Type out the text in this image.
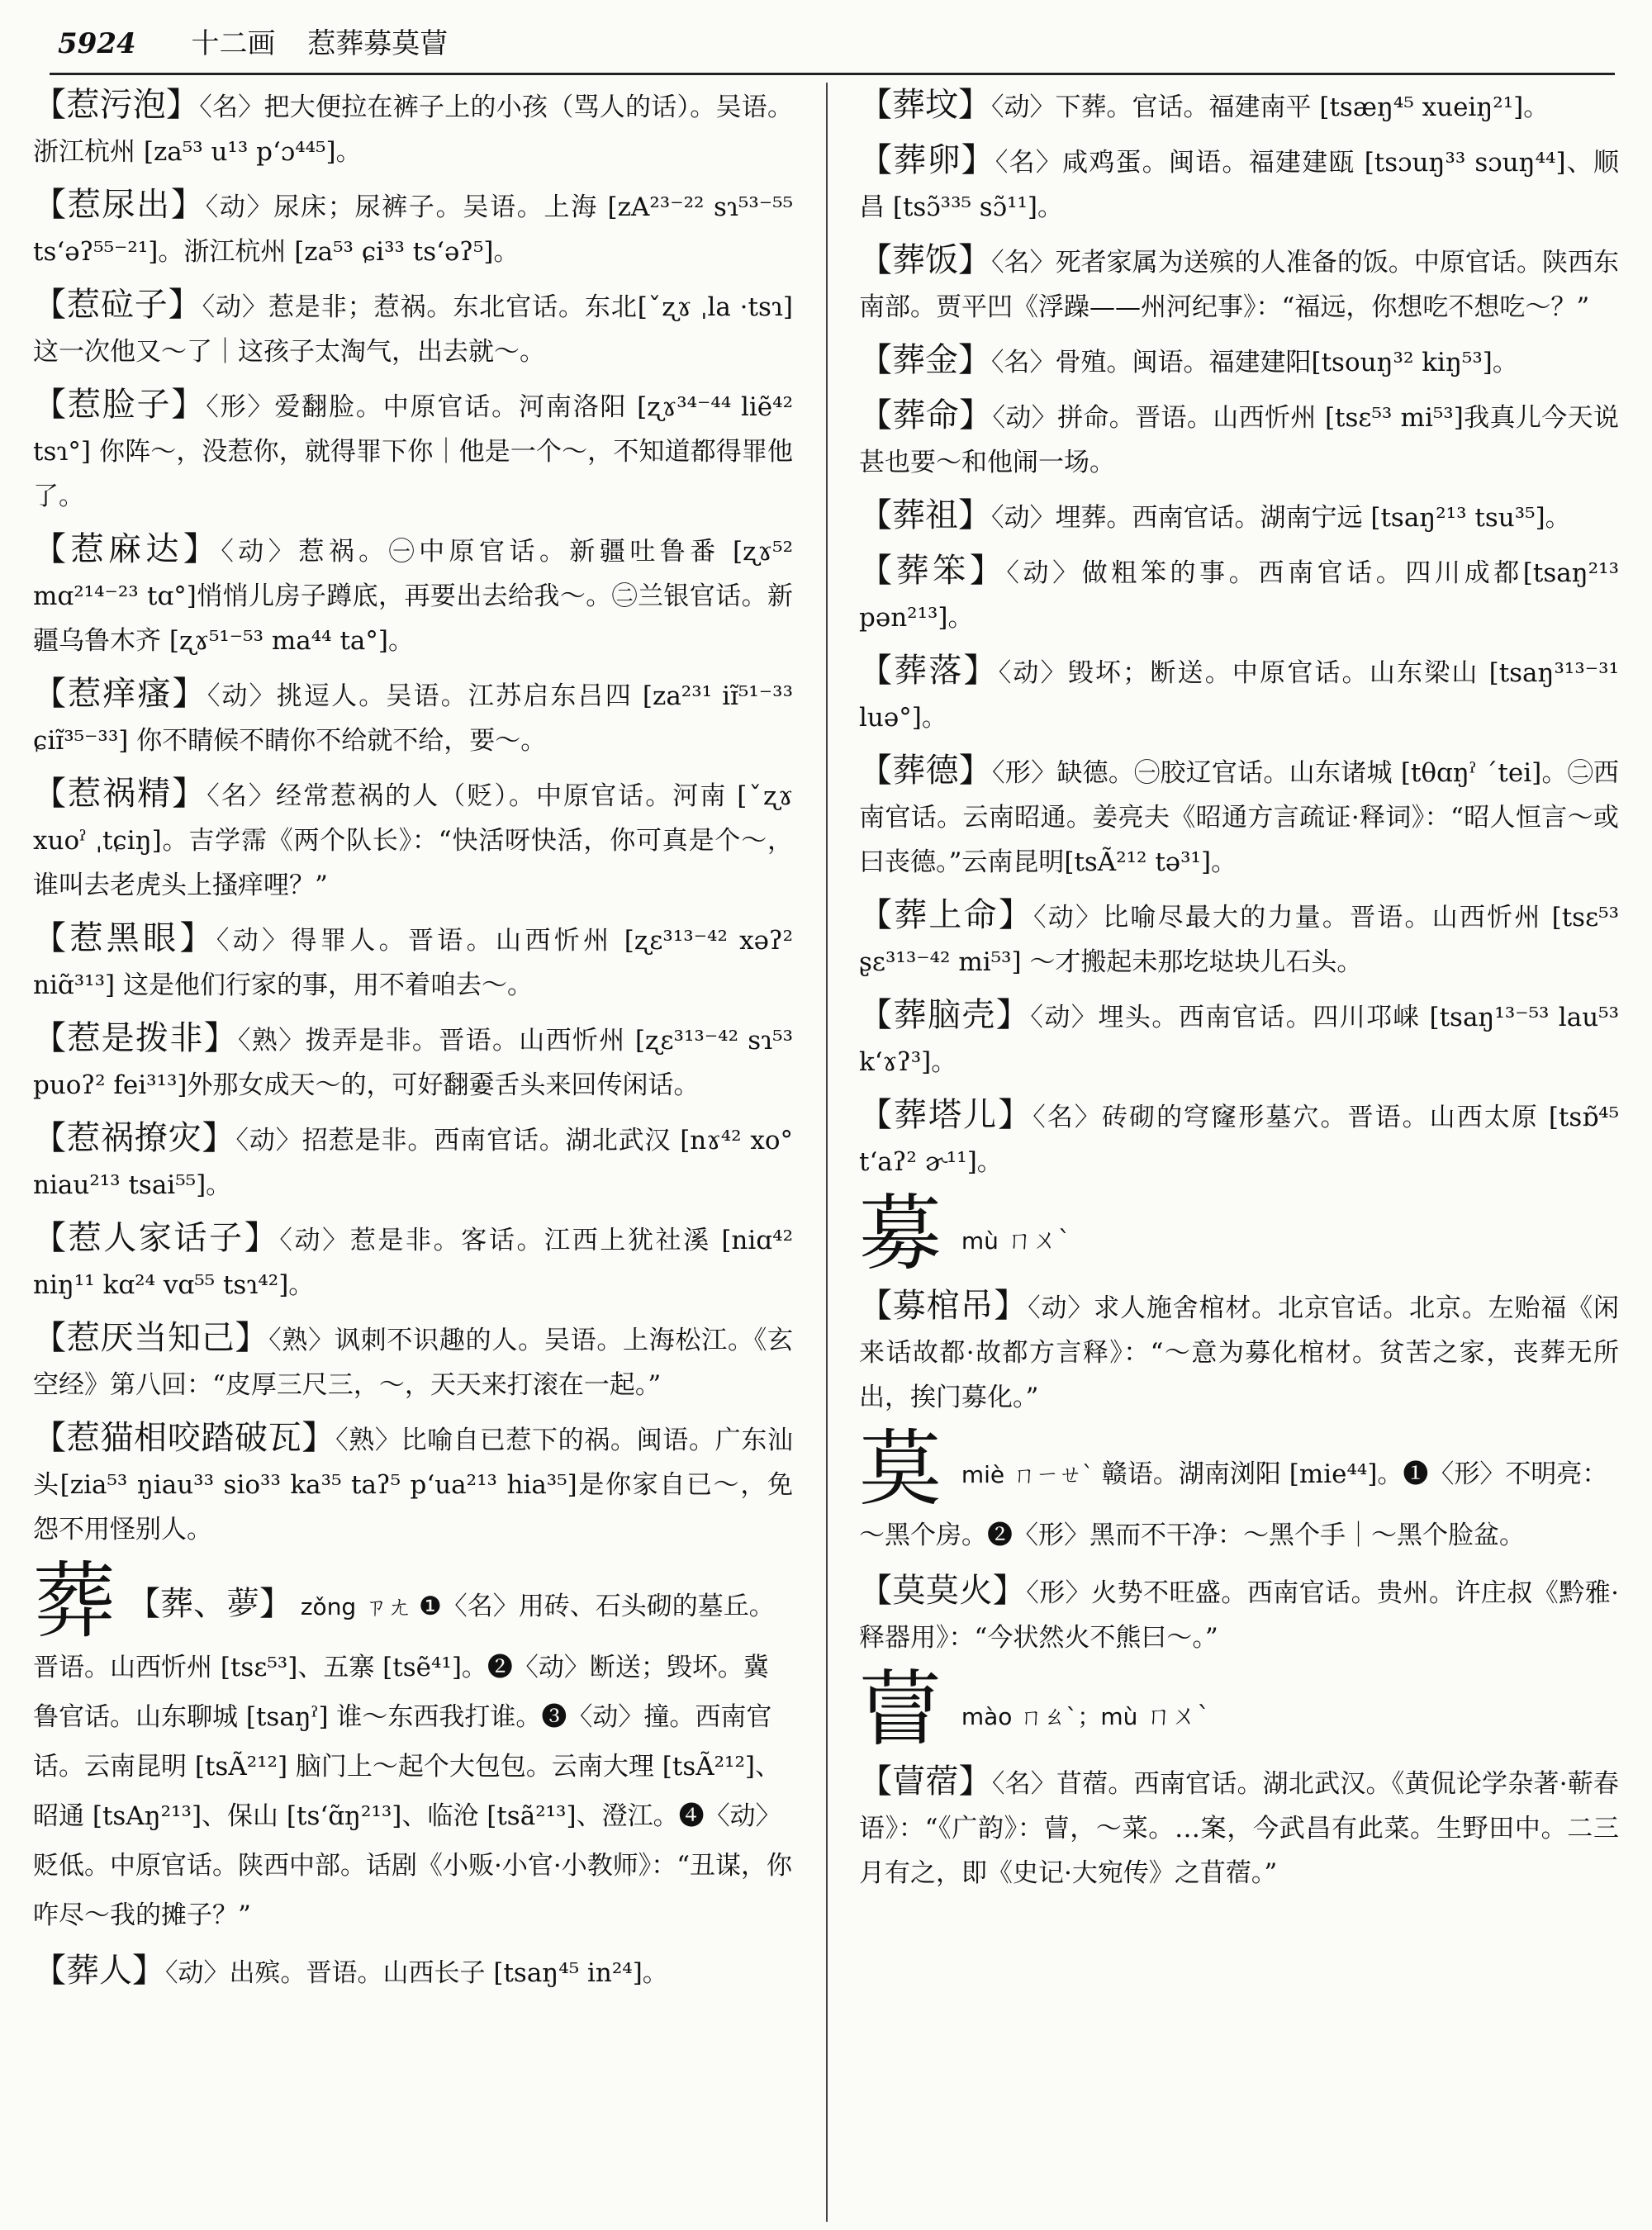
5924 十二画 惹葬募莫萺
【惹污泡】〈名〉把大便拉在裤子上的小孩（骂人的话）。吴语。浙江杭州 [za⁵³ u¹³ p‘ɔ⁴⁴⁵]。
【惹尿出】〈动〉尿床；尿裤子。吴语。上海 [zA²³⁻²² sɿ⁵³⁻⁵⁵ ts‘əʔ⁵⁵⁻²¹]。浙江杭州 [za⁵³ ɕi³³ ts‘əʔ⁵]。
【惹砬子】〈动〉惹是非；惹祸。东北官话。东北[ˇʐɤ ˌla ·tsɿ]这一次他又～了｜这孩子太淘气，出去就～。
【惹脸子】〈形〉爱翻脸。中原官话。河南洛阳 [ʐɤ³⁴⁻⁴⁴ liẽ⁴² tsɿ°] 你阵～，没惹你，就得罪下你｜他是一个～，不知道都得罪他了。
【惹麻达】〈动〉惹祸。㊀中原官话。新疆吐鲁番 [ʐɤ⁵² mɑ²¹⁴⁻²³ tɑ°]悄悄儿房子蹲底，再要出去给我～。㊁兰银官话。新疆乌鲁木齐 [ʐɤ⁵¹⁻⁵³ ma⁴⁴ ta°]。
【惹痒瘙】〈动〉挑逗人。吴语。江苏启东吕四 [za²³¹ iɪ̃⁵¹⁻³³ ɕiɪ̃³⁵⁻³³] 你不睛候不睛你不给就不给，要～。
【惹祸精】〈名〉经常惹祸的人（贬）。中原官话。河南 [ˇʐɤ xuoˀ ˌtɕiŋ]。吉学霈《两个队长》：“快活呀快活，你可真是个～，谁叫去老虎头上搔痒哩？”
【惹黑眼】〈动〉得罪人。晋语。山西忻州 [ʐɛ³¹³⁻⁴² xəʔ² niɑ̃³¹³] 这是他们行家的事，用不着咱去～。
【惹是拨非】〈熟〉拨弄是非。晋语。山西忻州 [ʐɛ³¹³⁻⁴² sɿ⁵³ puoʔ² fei³¹³]外那女成天～的，可好翻嫑舌头来回传闲话。
【惹祸撩灾】〈动〉招惹是非。西南官话。湖北武汉 [nɤ⁴² xo° niau²¹³ tsai⁵⁵]。
【惹人家话子】〈动〉惹是非。客话。江西上犹社溪 [niɑ⁴² niŋ¹¹ kɑ²⁴ vɑ⁵⁵ tsɿ⁴²]。
【惹厌当知己】〈熟〉讽刺不识趣的人。吴语。上海松江。《玄空经》第八回：“皮厚三尺三，～，天天来打滚在一起。”
【惹猫相咬踏破瓦】〈熟〉比喻自已惹下的祸。闽语。广东汕头[zia⁵³ ŋiau³³ sio³³ ka³⁵ taʔ⁵ p‘ua²¹³ hia³⁵]是你家自已～，免怨不用怪别人。
葬 【葬、𦿏】 zǒng ㄗㄤ ❶〈名〉用砖、石头砌的墓丘。晋语。山西忻州 [tsɛ⁵³]、五寨 [tsẽ⁴¹]。❷〈动〉断送；毁坏。冀鲁官话。山东聊城 [tsaŋˀ] 谁～东西我打谁。❸〈动〉撞。西南官话。云南昆明 [tsÃ²¹²] 脑门上～起个大包包。云南大理 [tsÃ²¹²]、昭通 [tsAŋ²¹³]、保山 [ts‘ɑ̃ŋ²¹³]、临沧 [tsã²¹³]、澄江。❹〈动〉贬低。中原官话。陕西中部。话剧《小贩·小官·小教师》：“丑谋，你咋尽～我的摊子？”
【葬人】〈动〉出殡。晋语。山西长子 [tsaŋ⁴⁵ in²⁴]。
【葬坟】〈动〉下葬。官话。福建南平 [tsæŋ⁴⁵ xueiŋ²¹]。
【葬卵】〈名〉咸鸡蛋。闽语。福建建瓯 [tsɔuŋ³³ sɔuŋ⁴⁴]、顺昌 [tsɔ̃³³⁵ sɔ̃¹¹]。
【葬饭】〈名〉死者家属为送殡的人准备的饭。中原官话。陕西东南部。贾平凹《浮躁——州河纪事》：“福远，你想吃不想吃～？”
【葬金】〈名〉骨殖。闽语。福建建阳[tsouŋ³² kiŋ⁵³]。
【葬命】〈动〉拼命。晋语。山西忻州 [tsɛ⁵³ mi⁵³]我真儿今天说甚也要～和他闹一场。
【葬祖】〈动〉埋葬。西南官话。湖南宁远 [tsaŋ²¹³ tsu³⁵]。
【葬笨】〈动〉做粗笨的事。西南官话。四川成都[tsaŋ²¹³ pən²¹³]。
【葬落】〈动〉毁坏；断送。中原官话。山东梁山 [tsaŋ³¹³⁻³¹ luə°]。
【葬德】〈形〉缺德。㊀胶辽官话。山东诸城 [tθɑŋˀ ˊtei]。㊁西南官话。云南昭通。姜亮夫《昭通方言疏证·释词》：“昭人恒言～或曰丧德。”云南昆明[tsÃ²¹² tə³¹]。
【葬上命】〈动〉比喻尽最大的力量。晋语。山西忻州 [tsɛ⁵³ ʂɛ³¹³⁻⁴² mi⁵³] ～才搬起未那圪垯块儿石头。
【葬脑壳】〈动〉埋头。西南官话。四川邛崃 [tsaŋ¹³⁻⁵³ lau⁵³ k‘ɤʔ³]。
【葬塔儿】〈名〉砖砌的穹窿形墓穴。晋语。山西太原 [tsɒ̃⁴⁵ t‘aʔ² ɚ¹¹]。
募 mù ㄇㄨˋ
【募棺吊】〈动〉求人施舍棺材。北京官话。北京。左贻福《闲来话故都·故都方言释》：“～意为募化棺材。贫苦之家，丧葬无所出，挨门募化。”
莫 miè ㄇㄧㄝˋ 赣语。湖南浏阳 [mie⁴⁴]。❶〈形〉不明亮：～黑个房。❷〈形〉黑而不干净：～黑个手｜～黑个脸盆。
【莫莫火】〈形〉火势不旺盛。西南官话。贵州。许庄叔《黔雅·释器用》：“今状然火不熊曰～。”
萺 mào ㄇㄠˋ；mù ㄇㄨˋ
【萺蓿】〈名〉苜蓿。西南官话。湖北武汉。《黄侃论学杂著·蕲春语》：“《广韵》：萺，～菜。…案，今武昌有此菜。生野田中。二三月有之，即《史记·大宛传》之苜蓿。”
